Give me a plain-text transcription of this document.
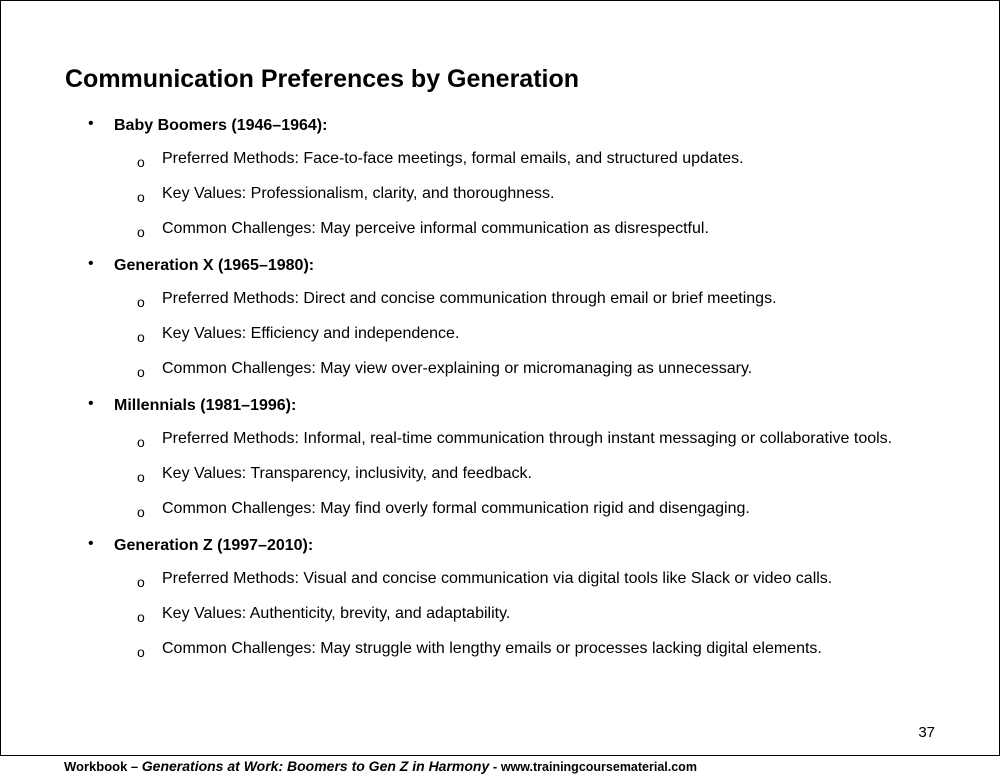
Communication Preferences by Generation
• Baby Boomers (1946–1964):
o Preferred Methods: Face-to-face meetings, formal emails, and structured updates.
o Key Values: Professionalism, clarity, and thoroughness.
o Common Challenges: May perceive informal communication as disrespectful.
• Generation X (1965–1980):
o Preferred Methods: Direct and concise communication through email or brief meetings.
o Key Values: Efficiency and independence.
o Common Challenges: May view over-explaining or micromanaging as unnecessary.
• Millennials (1981–1996):
o Preferred Methods: Informal, real-time communication through instant messaging or collaborative tools.
o Key Values: Transparency, inclusivity, and feedback.
o Common Challenges: May find overly formal communication rigid and disengaging.
• Generation Z (1997–2010):
o Preferred Methods: Visual and concise communication via digital tools like Slack or video calls.
o Key Values: Authenticity, brevity, and adaptability.
o Common Challenges: May struggle with lengthy emails or processes lacking digital elements.
37
Workbook – Generations at Work: Boomers to Gen Z in Harmony - www.trainingcoursematerial.com
